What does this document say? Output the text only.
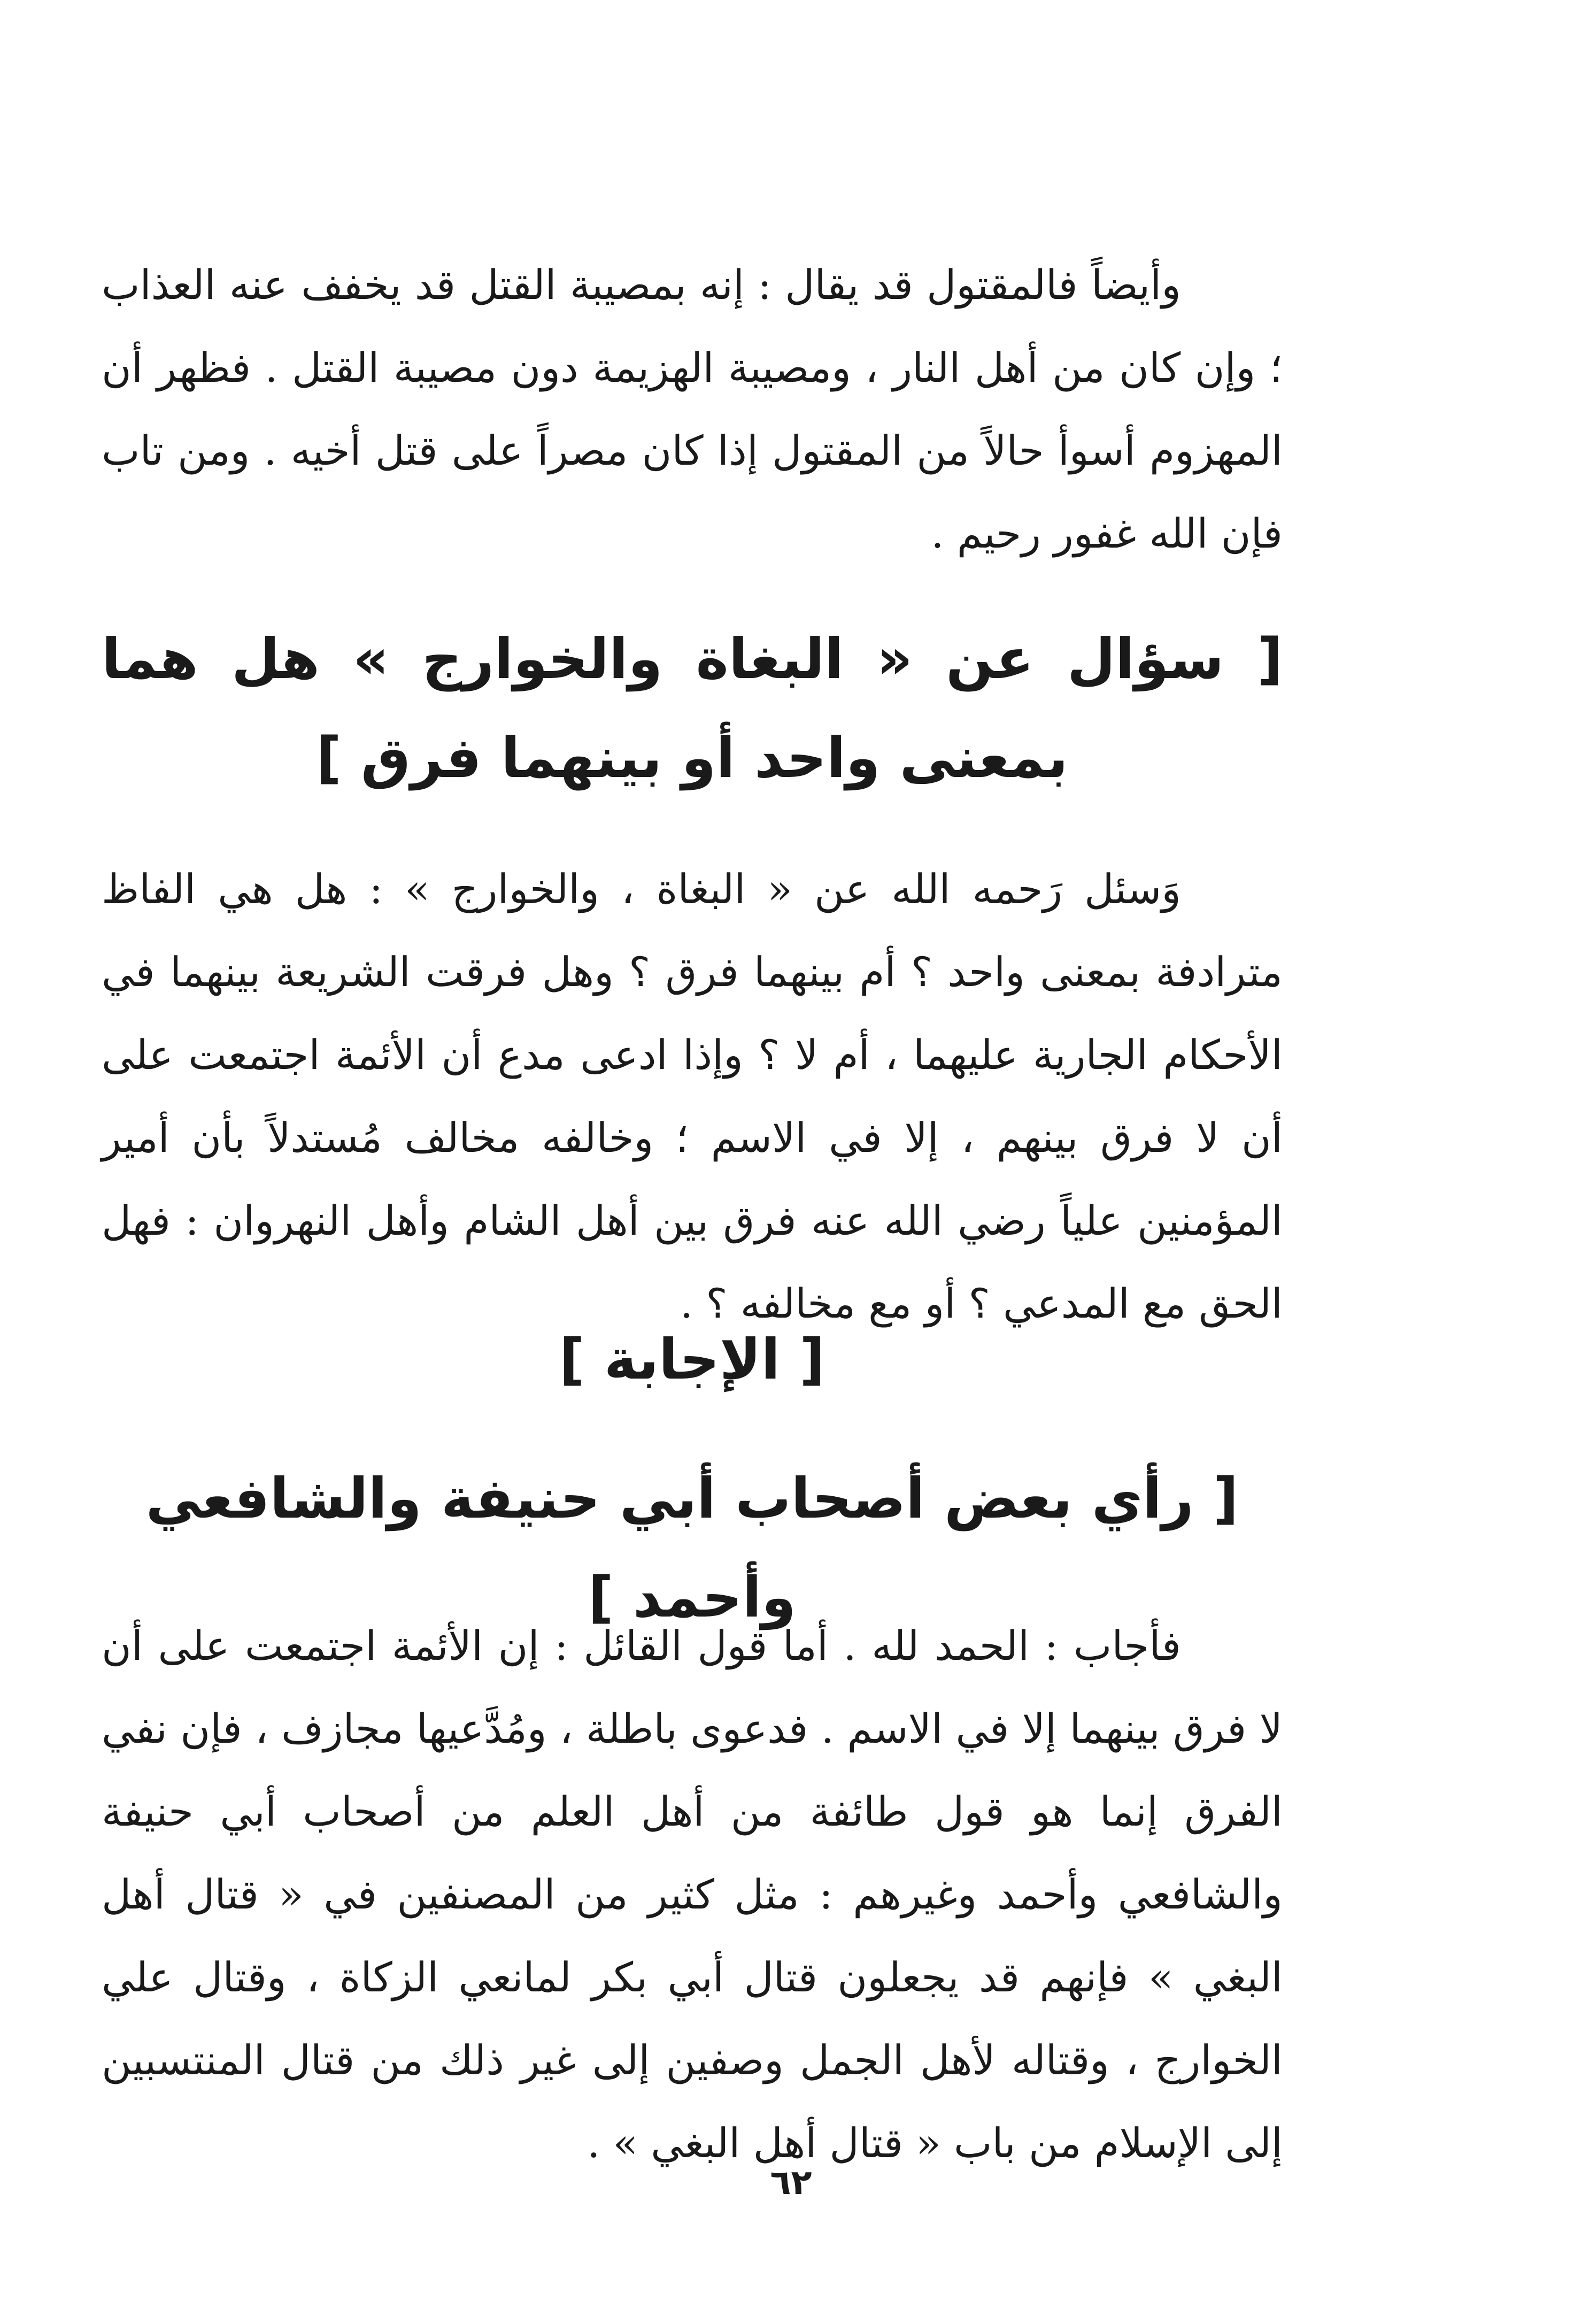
وأيضاً فالمقتول قد يقال : إنه بمصيبة القتل قد يخفف عنه العذاب ؛ وإن كان من أهل النار ، ومصيبة الهزيمة دون مصيبة القتل . فظهر أن المهزوم أسوأ حالاً من المقتول إذا كان مصراً على قتل أخيه . ومن تاب فإن الله غفور رحيم .

[ سؤال عن « البغاة والخوارج » هل هما بمعنى واحد أو بينهما فرق ]

وَسئل رَحمه الله عن « البغاة ، والخوارج » : هل هي الفاظ مترادفة بمعنى واحد ؟ أم بينهما فرق ؟ وهل فرقت الشريعة بينهما في الأحكام الجارية عليهما ، أم لا ؟ وإذا ادعى مدع أن الأئمة اجتمعت على أن لا فرق بينهم ، إلا في الاسم ؛ وخالفه مخالف مُستدلاً بأن أمير المؤمنين علياً رضي الله عنه فرق بين أهل الشام وأهل النهروان : فهل الحق مع المدعي ؟ أو مع مخالفه ؟ .

[ الإجابة ]
[ رأي بعض أصحاب أبي حنيفة والشافعي وأحمد ]

فأجاب : الحمد لله . أما قول القائل : إن الأئمة اجتمعت على أن لا فرق بينهما إلا في الاسم . فدعوى باطلة ، ومُدَّعيها مجازف ، فإن نفي الفرق إنما هو قول طائفة من أهل العلم من أصحاب أبي حنيفة والشافعي وأحمد وغيرهم : مثل كثير من المصنفين في « قتال أهل البغي » فإنهم قد يجعلون قتال أبي بكر لمانعي الزكاة ، وقتال علي الخوارج ، وقتاله لأهل الجمل وصفين إلى غير ذلك من قتال المنتسبين إلى الإسلام من باب « قتال أهل البغي » .

٦٢
